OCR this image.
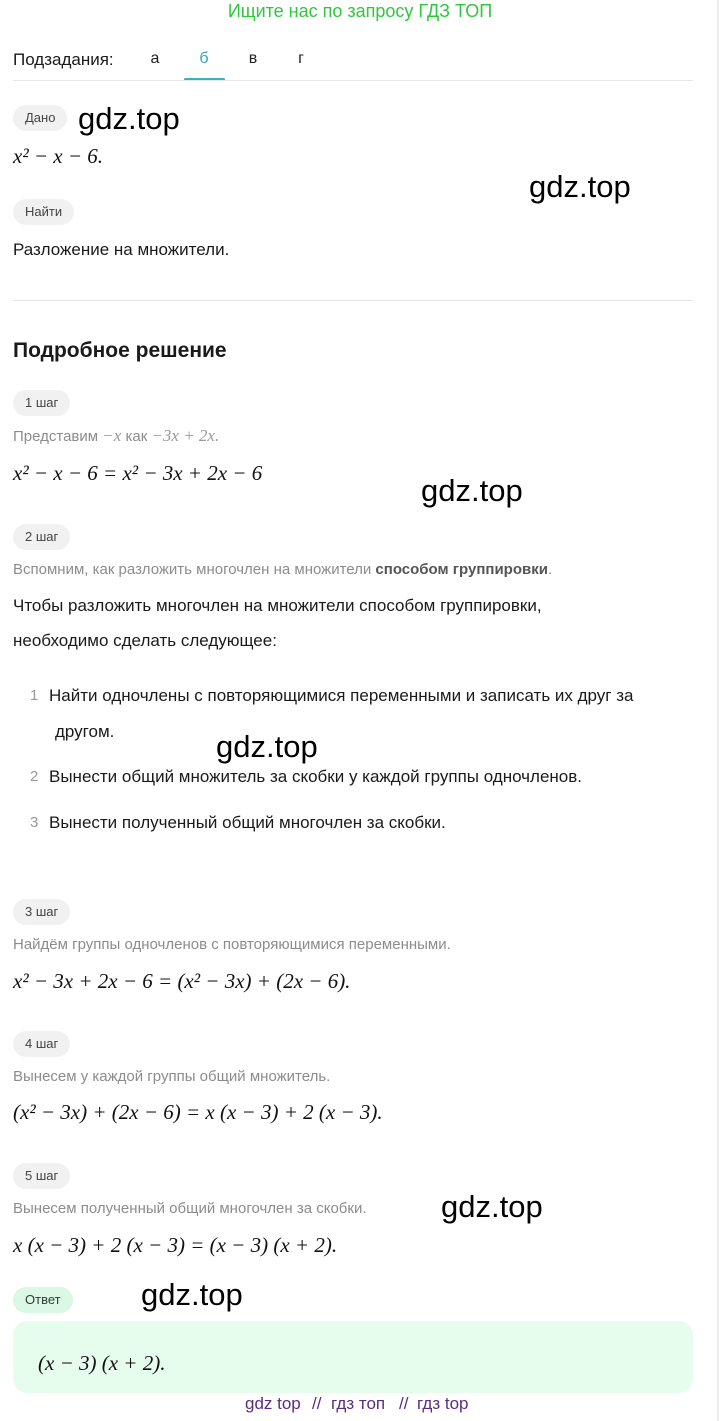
Ищите нас по запросу ГДЗ ТОП
Подзадания:	а	б	в	г
Дано
x² − x − 6.
Найти
Разложение на множители.
Подробное решение
1 шаг
Представим −x как −3x + 2x.
x² − x − 6 = x² − 3x + 2x − 6
2 шаг
Вспомним, как разложить многочлен на множители способом группировки.
Чтобы разложить многочлен на множители способом группировки,
необходимо сделать следующее:
1 Найти одночлены с повторяющимися переменными и записать их друг за
другом.
2 Вынести общий множитель за скобки у каждой группы одночленов.
3 Вынести полученный общий многочлен за скобки.
3 шаг
Найдём группы одночленов с повторяющимися переменными.
x² − 3x + 2x − 6 = (x² − 3x) + (2x − 6).
4 шаг
Вынесем у каждой группы общий множитель.
(x² − 3x) + (2x − 6) = x (x − 3) + 2 (x − 3).
5 шаг
Вынесем полученный общий многочлен за скобки.
x (x − 3) + 2 (x − 3) = (x − 3) (x + 2).
Ответ
(x − 3) (x + 2).
gdz.top
gdz.top
gdz.top
gdz.top
gdz.top
gdz.top
gdz top // гдз топ // гдз top
